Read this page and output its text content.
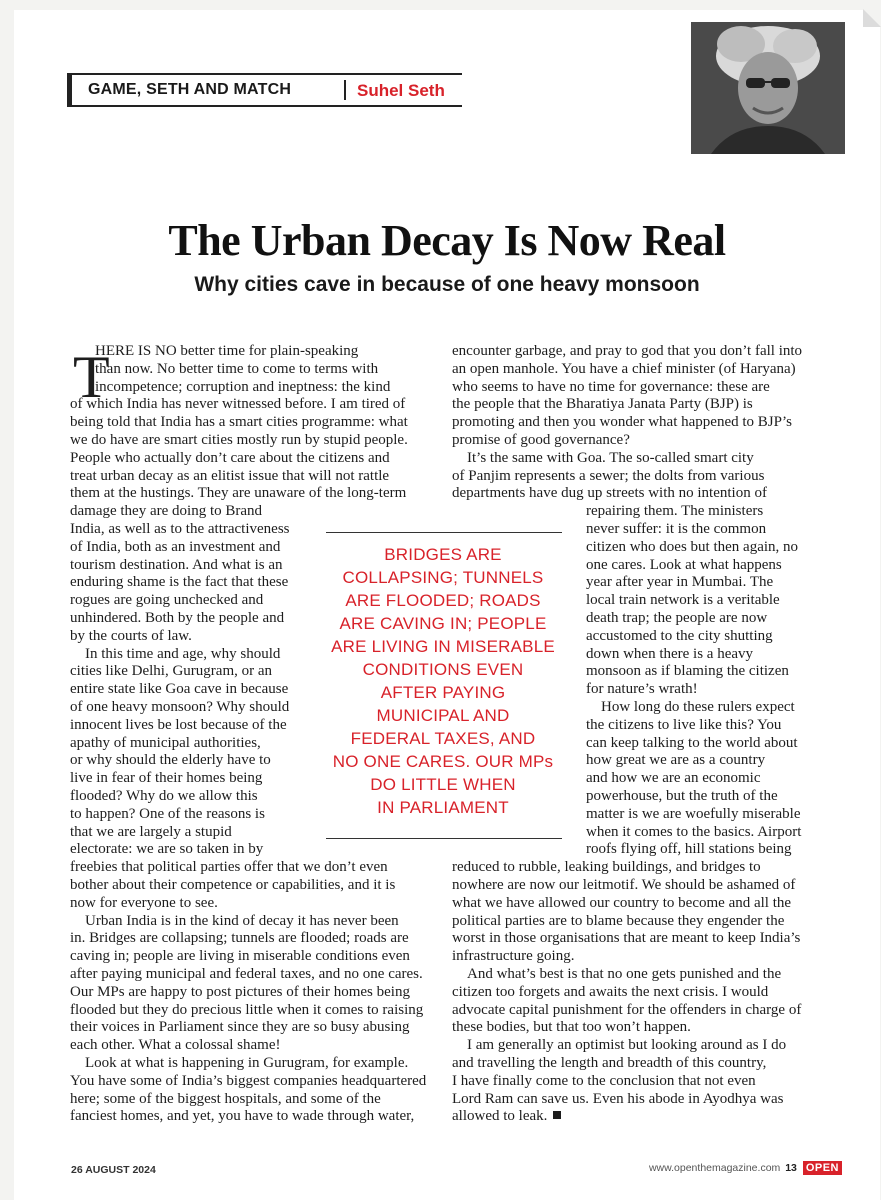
GAME, SETH AND MATCH	Suhel Seth
The Urban Decay Is Now Real
Why cities cave in because of one heavy monsoon
T
HERE IS NO better time for plain-speaking
than now. No better time to come to terms with
incompetence; corruption and ineptness: the kind
of which India has never witnessed before. I am tired of
being told that India has a smart cities programme: what
we do have are smart cities mostly run by stupid people.
People who actually don’t care about the citizens and
treat urban decay as an elitist issue that will not rattle
them at the hustings. They are unaware of the long-term
damage they are doing to Brand
India, as well as to the attractiveness
of India, both as an investment and
tourism destination. And what is an
enduring shame is the fact that these
rogues are going unchecked and
unhindered. Both by the people and
by the courts of law.
In this time and age, why should
cities like Delhi, Gurugram, or an
entire state like Goa cave in because
of one heavy monsoon? Why should
innocent lives be lost because of the
apathy of municipal authorities,
or why should the elderly have to
live in fear of their homes being
flooded? Why do we allow this
to happen? One of the reasons is
that we are largely a stupid
electorate: we are so taken in by
freebies that political parties offer that we don’t even
bother about their competence or capabilities, and it is
now for everyone to see.
Urban India is in the kind of decay it has never been
in. Bridges are collapsing; tunnels are flooded; roads are
caving in; people are living in miserable conditions even
after paying municipal and federal taxes, and no one cares.
Our MPs are happy to post pictures of their homes being
flooded but they do precious little when it comes to raising
their voices in Parliament since they are so busy abusing
each other. What a colossal shame!
Look at what is happening in Gurugram, for example.
You have some of India’s biggest companies headquartered
here; some of the biggest hospitals, and some of the
fanciest homes, and yet, you have to wade through water,
encounter garbage, and pray to god that you don’t fall into
an open manhole. You have a chief minister (of Haryana)
who seems to have no time for governance: these are
the people that the Bharatiya Janata Party (BJP) is
promoting and then you wonder what happened to BJP’s
promise of good governance?
It’s the same with Goa. The so-called smart city
of Panjim represents a sewer; the dolts from various
departments have dug up streets with no intention of
repairing them. The ministers
never suffer: it is the common
citizen who does but then again, no
one cares. Look at what happens
year after year in Mumbai. The
local train network is a veritable
death trap; the people are now
accustomed to the city shutting
down when there is a heavy
monsoon as if blaming the citizen
for nature’s wrath!
How long do these rulers expect
the citizens to live like this? You
can keep talking to the world about
how great we are as a country
and how we are an economic
powerhouse, but the truth of the
matter is we are woefully miserable
when it comes to the basics. Airport
roofs flying off, hill stations being
reduced to rubble, leaking buildings, and bridges to
nowhere are now our leitmotif. We should be ashamed of
what we have allowed our country to become and all the
political parties are to blame because they engender the
worst in those organisations that are meant to keep India’s
infrastructure going.
And what’s best is that no one gets punished and the
citizen too forgets and awaits the next crisis. I would
advocate capital punishment for the offenders in charge of
these bodies, but that too won’t happen.
I am generally an optimist but looking around as I do
and travelling the length and breadth of this country,
I have finally come to the conclusion that not even
Lord Ram can save us. Even his abode in Ayodhya was
allowed to leak.
BRIDGES ARE
COLLAPSING; TUNNELS
ARE FLOODED; ROADS
ARE CAVING IN; PEOPLE
ARE LIVING IN MISERABLE
CONDITIONS EVEN
AFTER PAYING
MUNICIPAL AND
FEDERAL TAXES, AND
NO ONE CARES. OUR MPs
DO LITTLE WHEN
IN PARLIAMENT
26 AUGUST 2024	www.openthemagazine.com 13 OPEN
